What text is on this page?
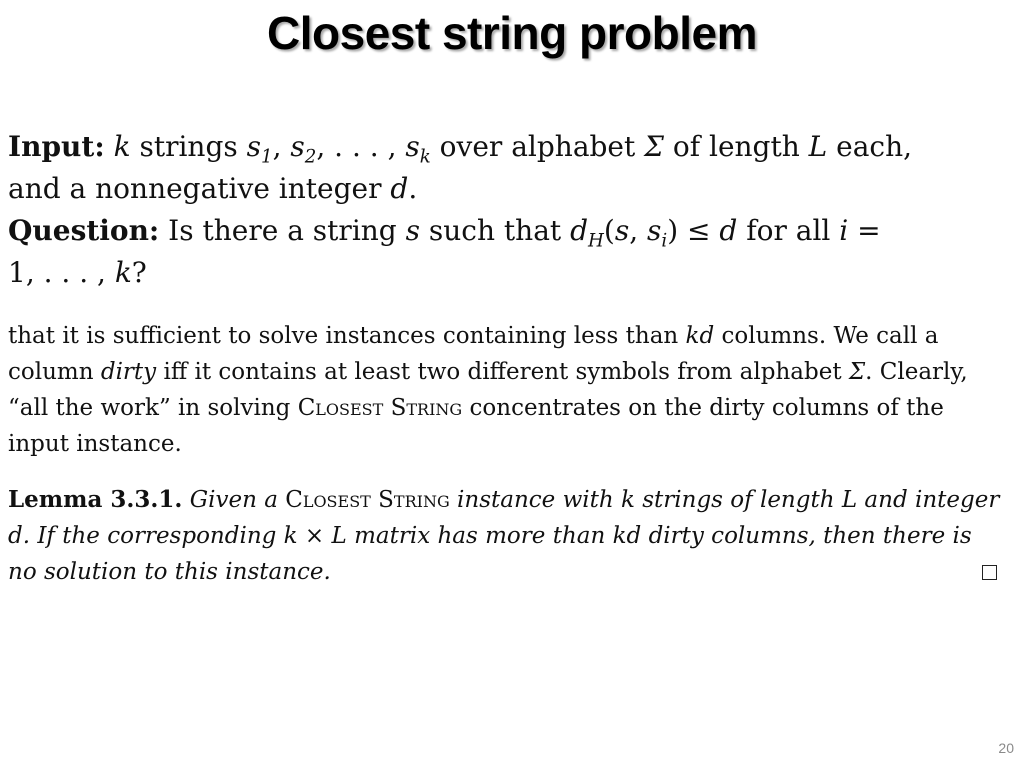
Closest string problem
Input: k strings $s_1$, $s_2$, . . . , $s_k$ over alphabet Σ of length L each,
and a nonnegative integer d.
Question: Is there a string s such that $d_H(s$, $s_i) \le d$ for all i =
1, . . . , k?
that it is sufficient to solve instances containing less than kd columns. We call a column dirty iff it contains at least two different symbols from alphabet Σ. Clearly, “all the work” in solving Closest String concentrates on the dirty columns of the input instance.
Lemma 3.3.1. Given a Closest String instance with k strings of length L and integer d. If the corresponding k × L matrix has more than kd dirty columns, then there is no solution to this instance.
20
